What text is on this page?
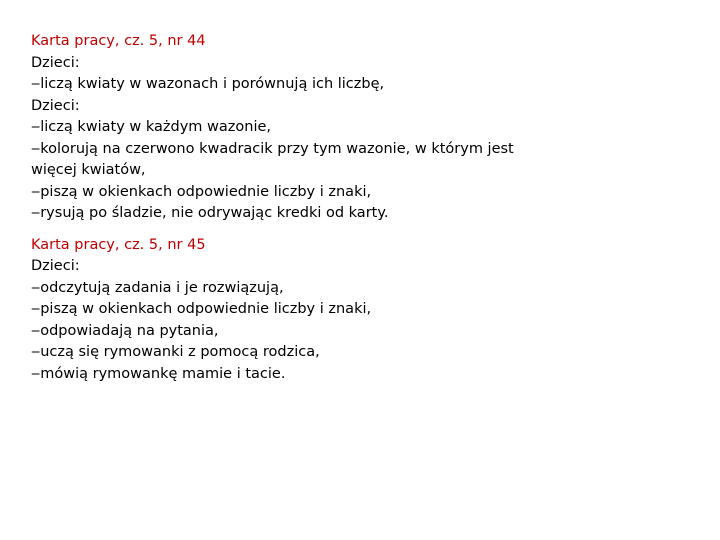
Karta pracy, cz. 5, nr 44
Dzieci:
‒liczą kwiaty w wazonach i porównują ich liczbę,
Dzieci:
‒liczą kwiaty w każdym wazonie,
‒kolorują na czerwono kwadracik przy tym wazonie, w którym jest
więcej kwiatów,
‒piszą w okienkach odpowiednie liczby i znaki,
‒rysują po śladzie, nie odrywając kredki od karty.
Karta pracy, cz. 5, nr 45
Dzieci:
‒odczytują zadania i je rozwiązują,
‒piszą w okienkach odpowiednie liczby i znaki,
‒odpowiadają na pytania,
‒uczą się rymowanki z pomocą rodzica,
‒mówią rymowankę mamie i tacie.
